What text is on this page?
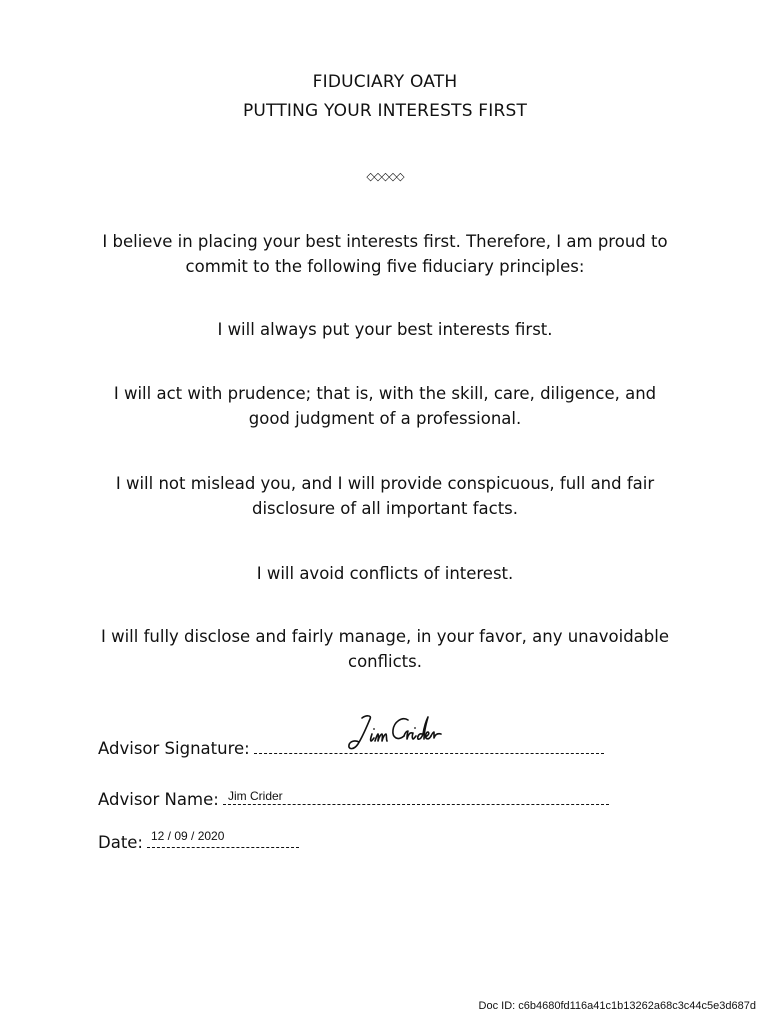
FIDUCIARY OATH
PUTTING YOUR INTERESTS FIRST
◇◇◇◇◇
I believe in placing your best interests first. Therefore, I am proud to commit to the following five fiduciary principles:
I will always put your best interests first.
I will act with prudence; that is, with the skill, care, diligence, and good judgment of a professional.
I will not mislead you, and I will provide conspicuous, full and fair disclosure of all important facts.
I will avoid conflicts of interest.
I will fully disclose and fairly manage, in your favor, any unavoidable conflicts.
Advisor Signature:
Advisor Name: Jim Crider
Date: 12 / 09 / 2020
Doc ID: c6b4680fd116a41c1b13262a68c3c44c5e3d687d
